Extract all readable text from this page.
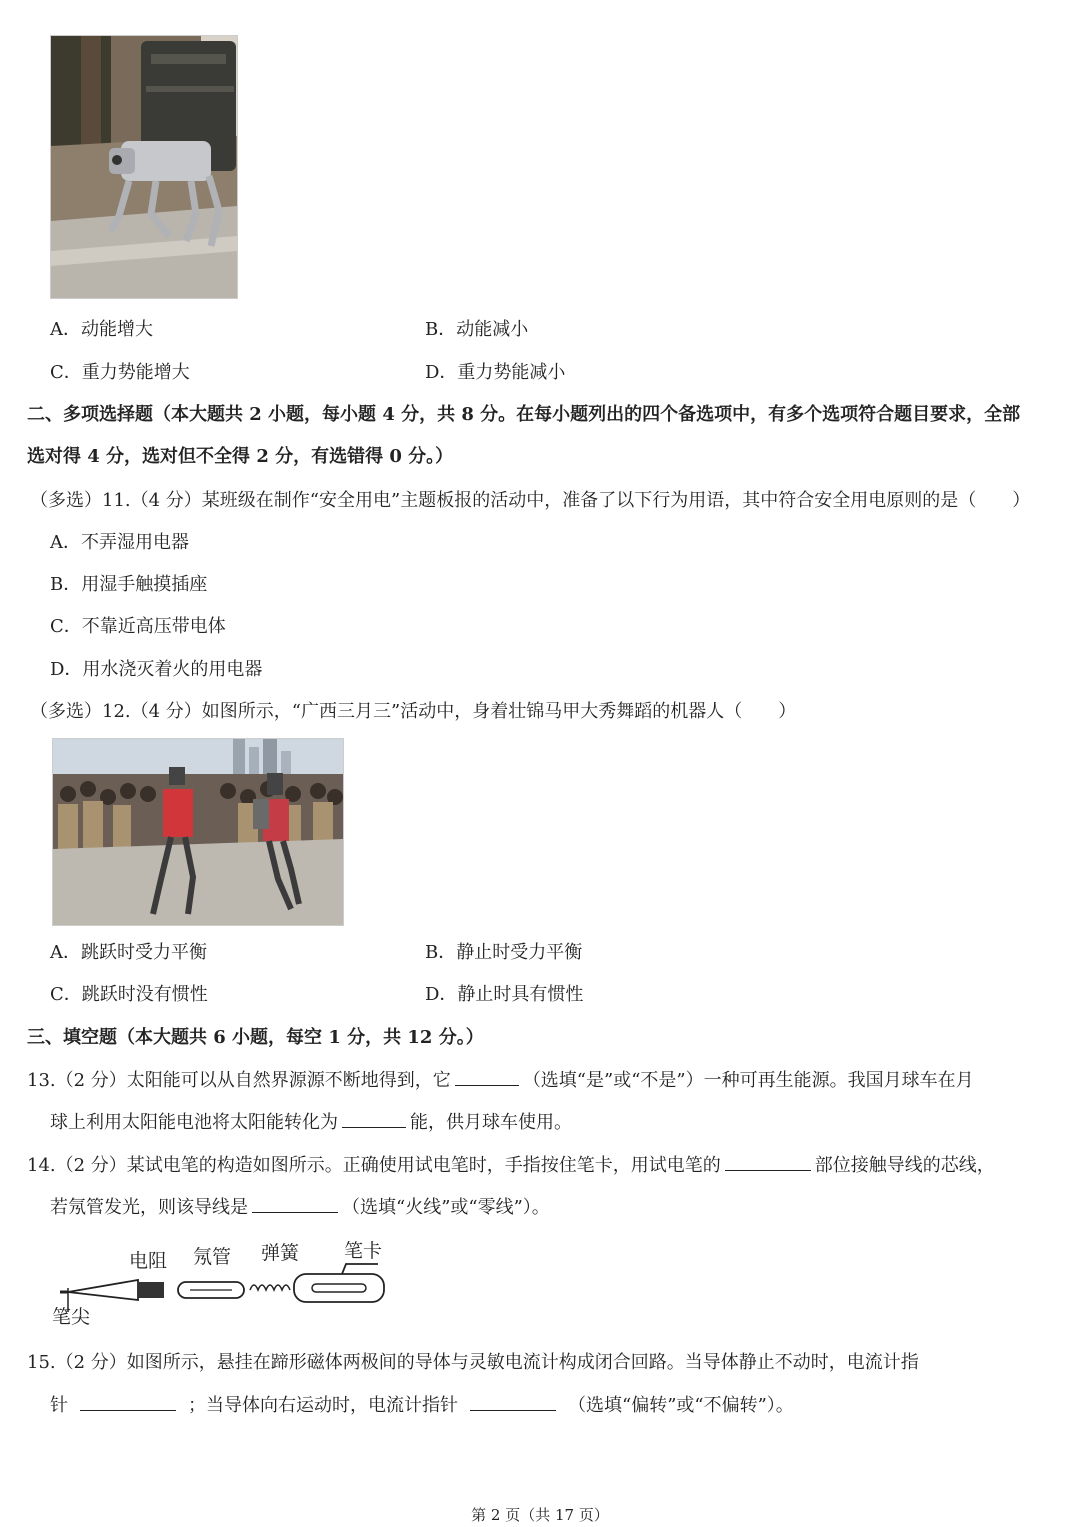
A．动能增大	B．动能减小
C．重力势能增大	D．重力势能减小
二、多项选择题（本大题共 2 小题，每小题 4 分，共 8 分。在每小题列出的四个备选项中，有多个选项符合题目要求，全部
选对得 4 分，选对但不全得 2 分，有选错得 0 分。）
（多选）11.（4 分）某班级在制作“安全用电”主题板报的活动中，准备了以下行为用语，其中符合安全用电原则的是（　　）
A．不弄湿用电器
B．用湿手触摸插座
C．不靠近高压带电体
D．用水浇灭着火的用电器
（多选）12.（4 分）如图所示，“广西三月三”活动中，身着壮锦马甲大秀舞蹈的机器人（　　）
A．跳跃时受力平衡	B．静止时受力平衡
C．跳跃时没有惯性	D．静止时具有惯性
三、填空题（本大题共 6 小题，每空 1 分，共 12 分。）
13.（2 分）太阳能可以从自然界源源不断地得到，它	（选填“是”或“不是”）一种可再生能源。我国月球车在月
球上利用太阳能电池将太阳能转化为	能，供月球车使用。
14.（2 分）某试电笔的构造如图所示。正确使用试电笔时，手指按住笔卡，用试电笔的	部位接触导线的芯线，
若氖管发光，则该导线是	（选填“火线”或“零线”）。
电阻 氖管 弹簧 笔卡
笔尖
15.（2 分）如图所示，悬挂在蹄形磁体两极间的导体与灵敏电流计构成闭合回路。当导体静止不动时，电流计指
针	；当导体向右运动时，电流计指针	（选填“偏转”或“不偏转”）。
第 2 页（共 17 页）
